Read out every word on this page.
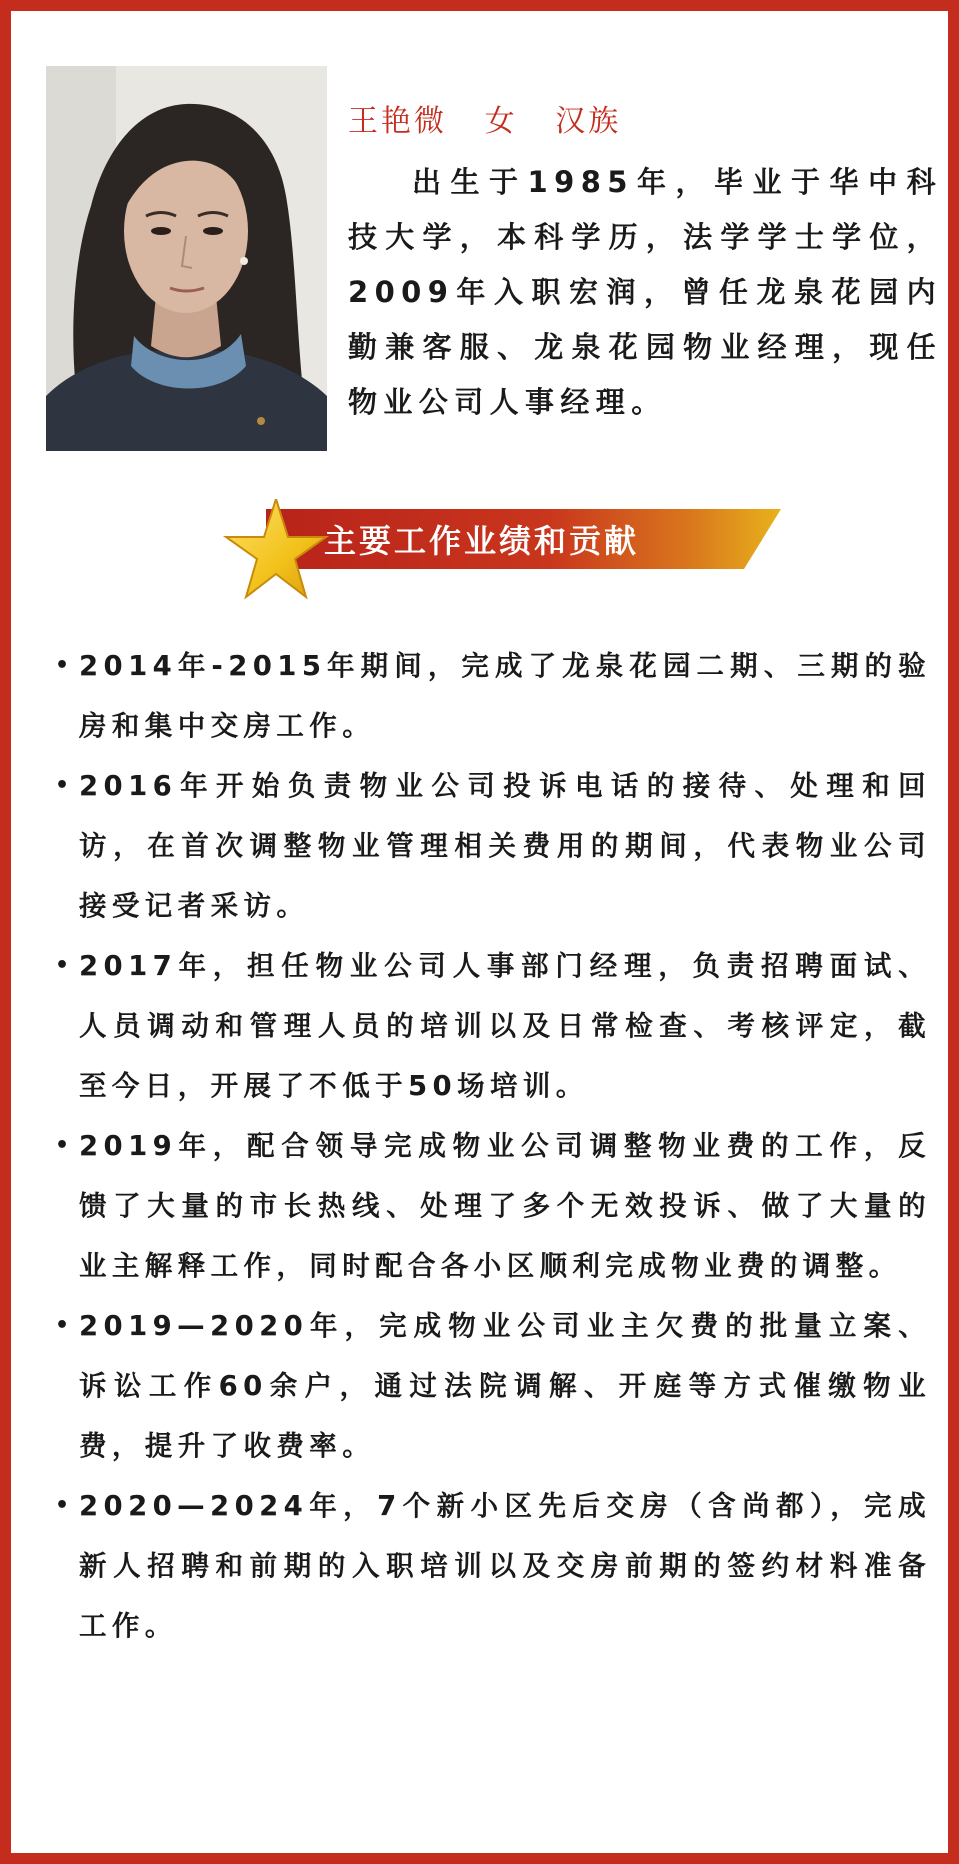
王艳微   女   汉族

出生于1985年，毕业于华中科技大学，本科学历，法学学士学位，2009年入职宏润，曾任龙泉花园内勤兼客服、龙泉花园物业经理，现任物业公司人事经理。

主要工作业绩和贡献
• 2014年-2015年期间，完成了龙泉花园二期、三期的验房和集中交房工作。
• 2016年开始负责物业公司投诉电话的接待、处理和回访，在首次调整物业管理相关费用的期间，代表物业公司接受记者采访。
• 2017年，担任物业公司人事部门经理，负责招聘面试、人员调动和管理人员的培训以及日常检查、考核评定，截至今日，开展了不低于50场培训。
• 2019年，配合领导完成物业公司调整物业费的工作，反馈了大量的市长热线、处理了多个无效投诉、做了大量的业主解释工作，同时配合各小区顺利完成物业费的调整。
• 2019—2020年，完成物业公司业主欠费的批量立案、诉讼工作60余户，通过法院调解、开庭等方式催缴物业费，提升了收费率。
• 2020—2024年，7个新小区先后交房（含尚都），完成新人招聘和前期的入职培训以及交房前期的签约材料准备工作。
